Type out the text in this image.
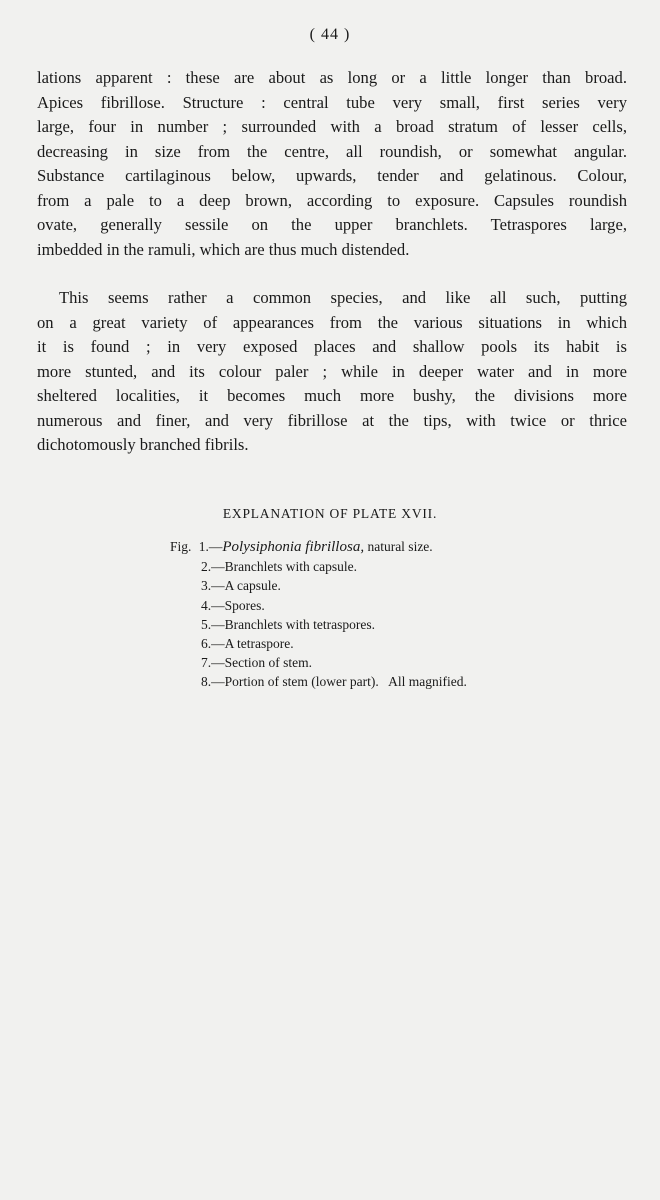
( 44 )
lations apparent : these are about as long or a little longer than broad.
Apices fibrillose. Structure : central tube very small, first series very
large, four in number ; surrounded with a broad stratum of lesser cells,
decreasing in size from the centre, all roundish, or somewhat angular.
Substance cartilaginous below, upwards, tender and gelatinous. Colour,
from a pale to a deep brown, according to exposure. Capsules roundish
ovate, generally sessile on the upper branchlets. Tetraspores large,
imbedded in the ramuli, which are thus much distended.
This seems rather a common species, and like all such, putting
on a great variety of appearances from the various situations in which
it is found ; in very exposed places and shallow pools its habit is
more stunted, and its colour paler ; while in deeper water and in more
sheltered localities, it becomes much more bushy, the divisions more
numerous and finer, and very fibrillose at the tips, with twice or thrice
dichotomously branched fibrils.
EXPLANATION OF PLATE XVII.
Fig. 1.—Polysiphonia fibrillosa, natural size.
2.—Branchlets with capsule.
3.—A capsule.
4.—Spores.
5.—Branchlets with tetraspores.
6.—A tetraspore.
7.—Section of stem.
8.—Portion of stem (lower part).   All magnified.
